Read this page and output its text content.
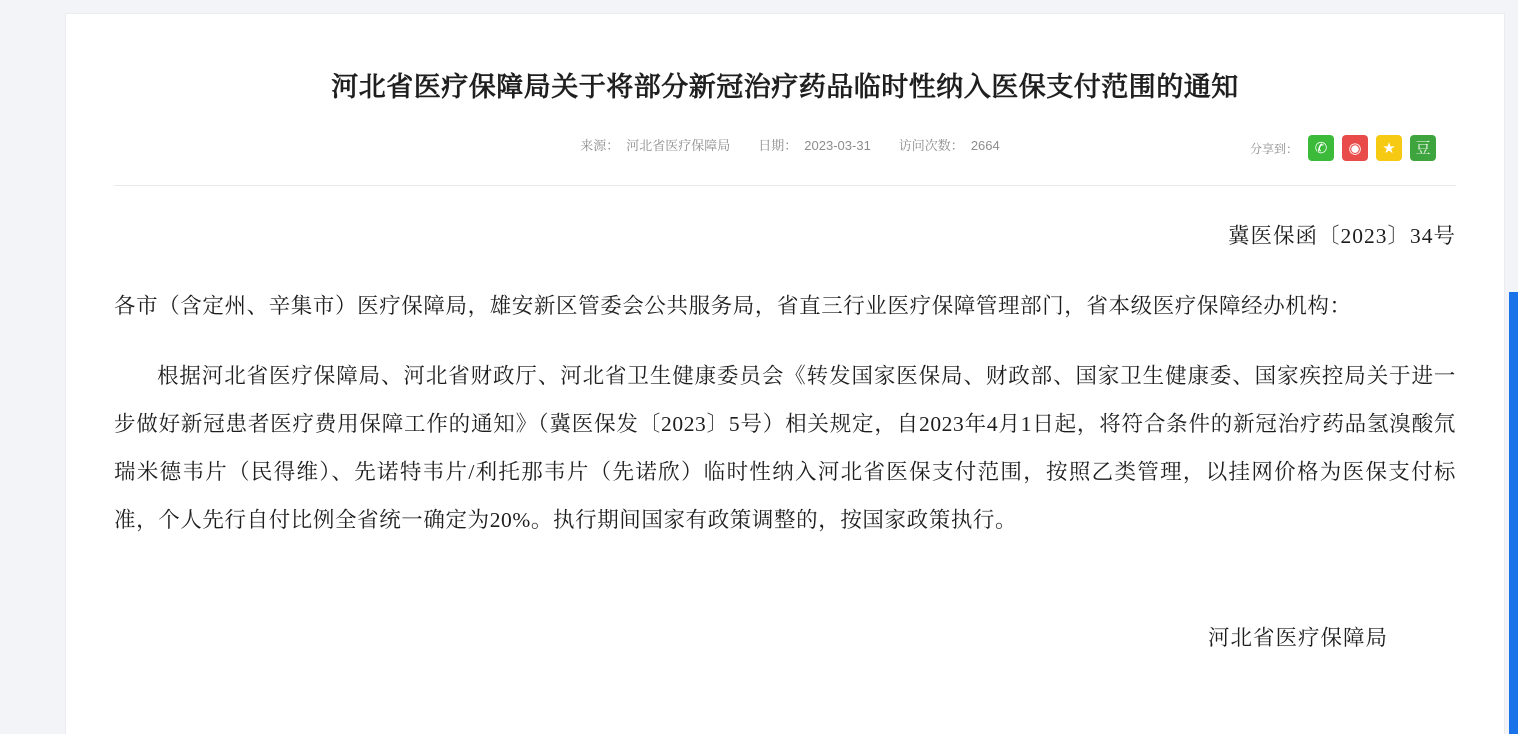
河北省医疗保障局关于将部分新冠治疗药品临时性纳入医保支付范围的通知
来源： 河北省医疗保障局 日期： 2023-03-31 访问次数： 2664	分享到：	✆	◉	★	豆
冀医保函〔2023〕34号

各市（含定州、辛集市）医疗保障局，雄安新区管委会公共服务局，省直三行业医疗保障管理部门，省本级医疗保障经办机构：

根据河北省医疗保障局、河北省财政厅、河北省卫生健康委员会《转发国家医保局、财政部、国家卫生健康委、国家疾控局关于进一步做好新冠患者医疗费用保障工作的通知》（冀医保发〔2023〕5号）相关规定，自2023年4月1日起，将符合条件的新冠治疗药品氢溴酸氘瑞米德韦片（民得维）、先诺特韦片/利托那韦片（先诺欣）临时性纳入河北省医保支付范围，按照乙类管理，以挂网价格为医保支付标准，个人先行自付比例全省统一确定为20%。执行期间国家有政策调整的，按国家政策执行。

河北省医疗保障局
